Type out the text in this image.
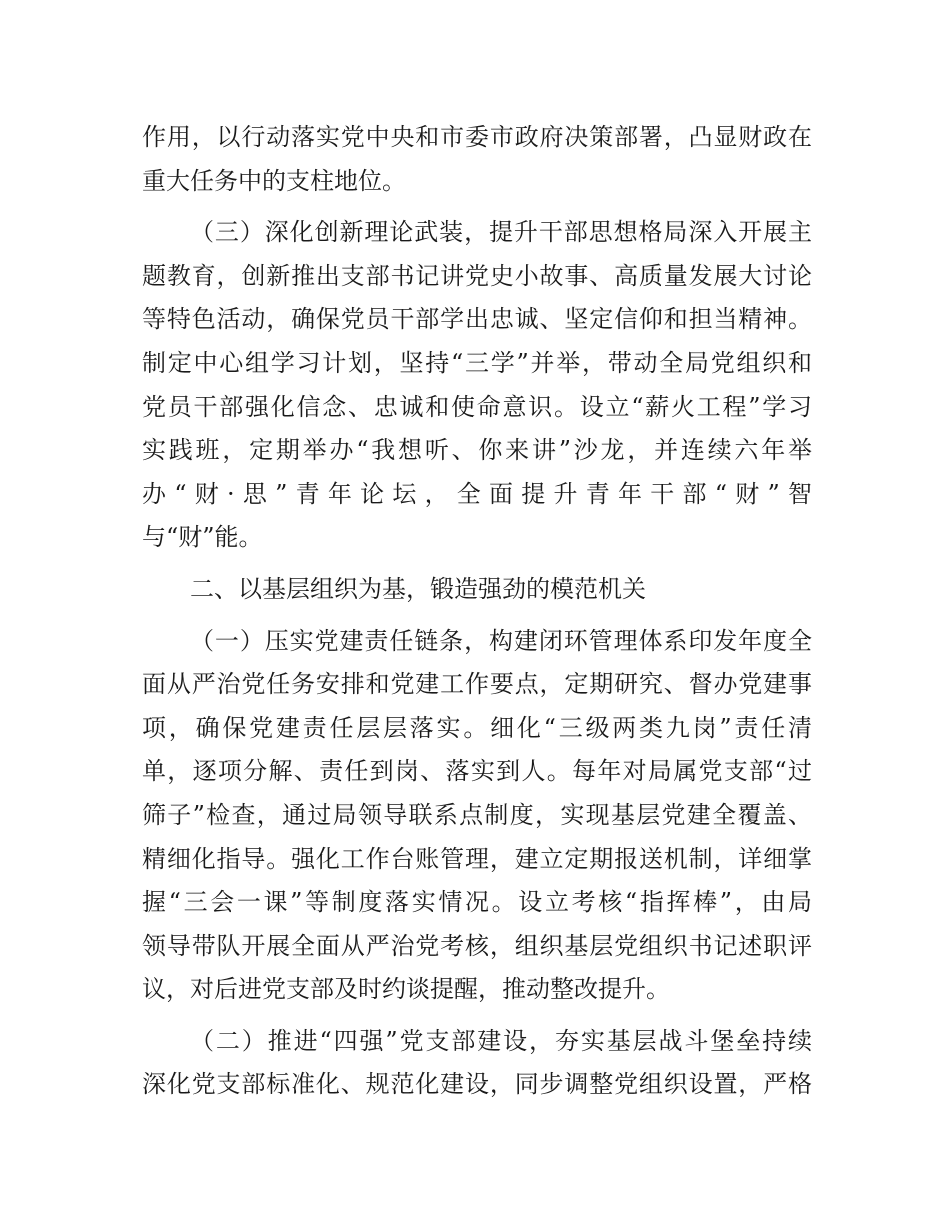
作用，以行动落实党中央和市委市政府决策部署，凸显财政在
重大任务中的支柱地位。
（三）深化创新理论武装，提升干部思想格局深入开展主
题教育，创新推出支部书记讲党史小故事、高质量发展大讨论
等特色活动，确保党员干部学出忠诚、坚定信仰和担当精神。
制定中心组学习计划，坚持“三学”并举，带动全局党组织和
党员干部强化信念、忠诚和使命意识。设立“薪火工程”学习
实践班，定期举办“我想听、你来讲”沙龙，并连续六年举
办“财·思”青年论坛，全面提升青年干部“财”智
与“财”能。
二、以基层组织为基，锻造强劲的模范机关
（一）压实党建责任链条，构建闭环管理体系印发年度全
面从严治党任务安排和党建工作要点，定期研究、督办党建事
项，确保党建责任层层落实。细化“三级两类九岗”责任清
单，逐项分解、责任到岗、落实到人。每年对局属党支部“过
筛子”检查，通过局领导联系点制度，实现基层党建全覆盖、
精细化指导。强化工作台账管理，建立定期报送机制，详细掌
握“三会一课”等制度落实情况。设立考核“指挥棒”，由局
领导带队开展全面从严治党考核，组织基层党组织书记述职评
议，对后进党支部及时约谈提醒，推动整改提升。
（二）推进“四强”党支部建设，夯实基层战斗堡垒持续
深化党支部标准化、规范化建设，同步调整党组织设置，严格
